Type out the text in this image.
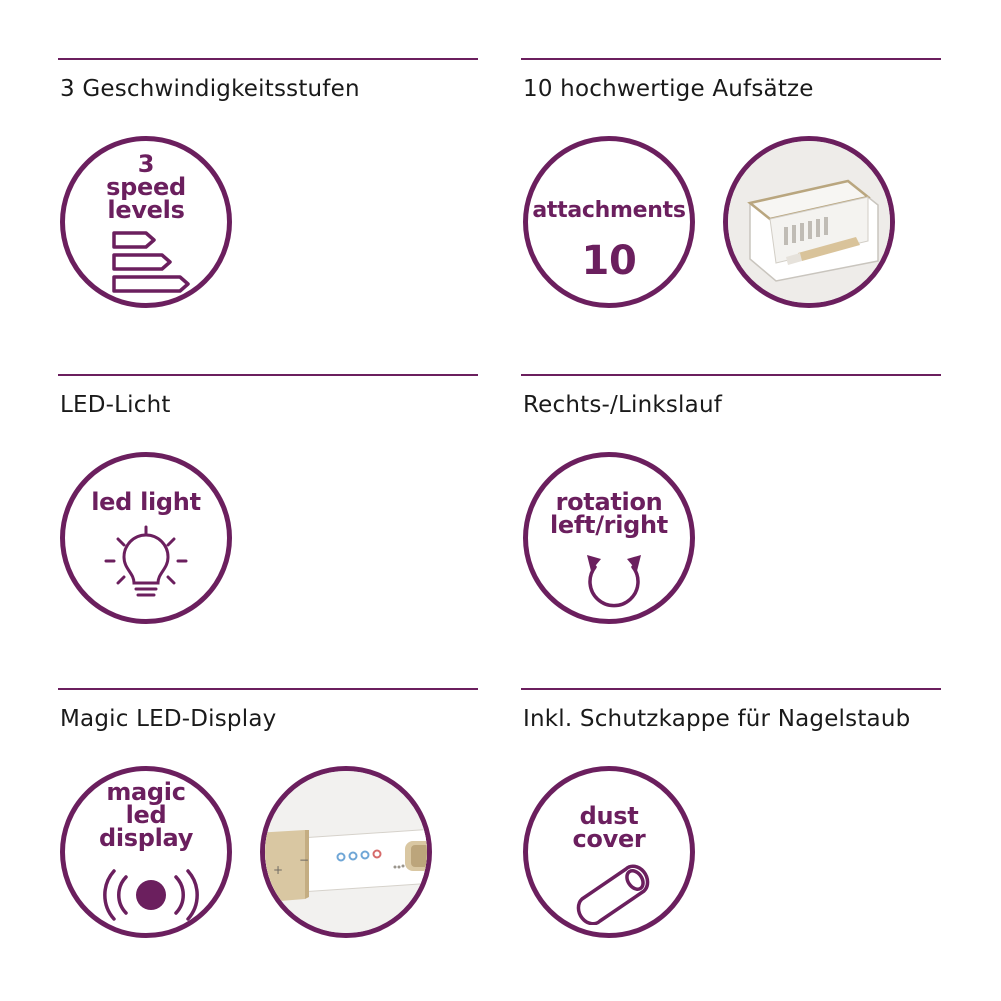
3 Geschwindigkeitsstufen
3
speed
levels
10 hochwertige Aufsätze
attachments
10
LED-Licht
led light
Rechts-/Linkslauf
rotation
left/right
Magic LED-Display
magic
led
display
+
−
Inkl. Schutzkappe für Nagelstaub
dust
cover
